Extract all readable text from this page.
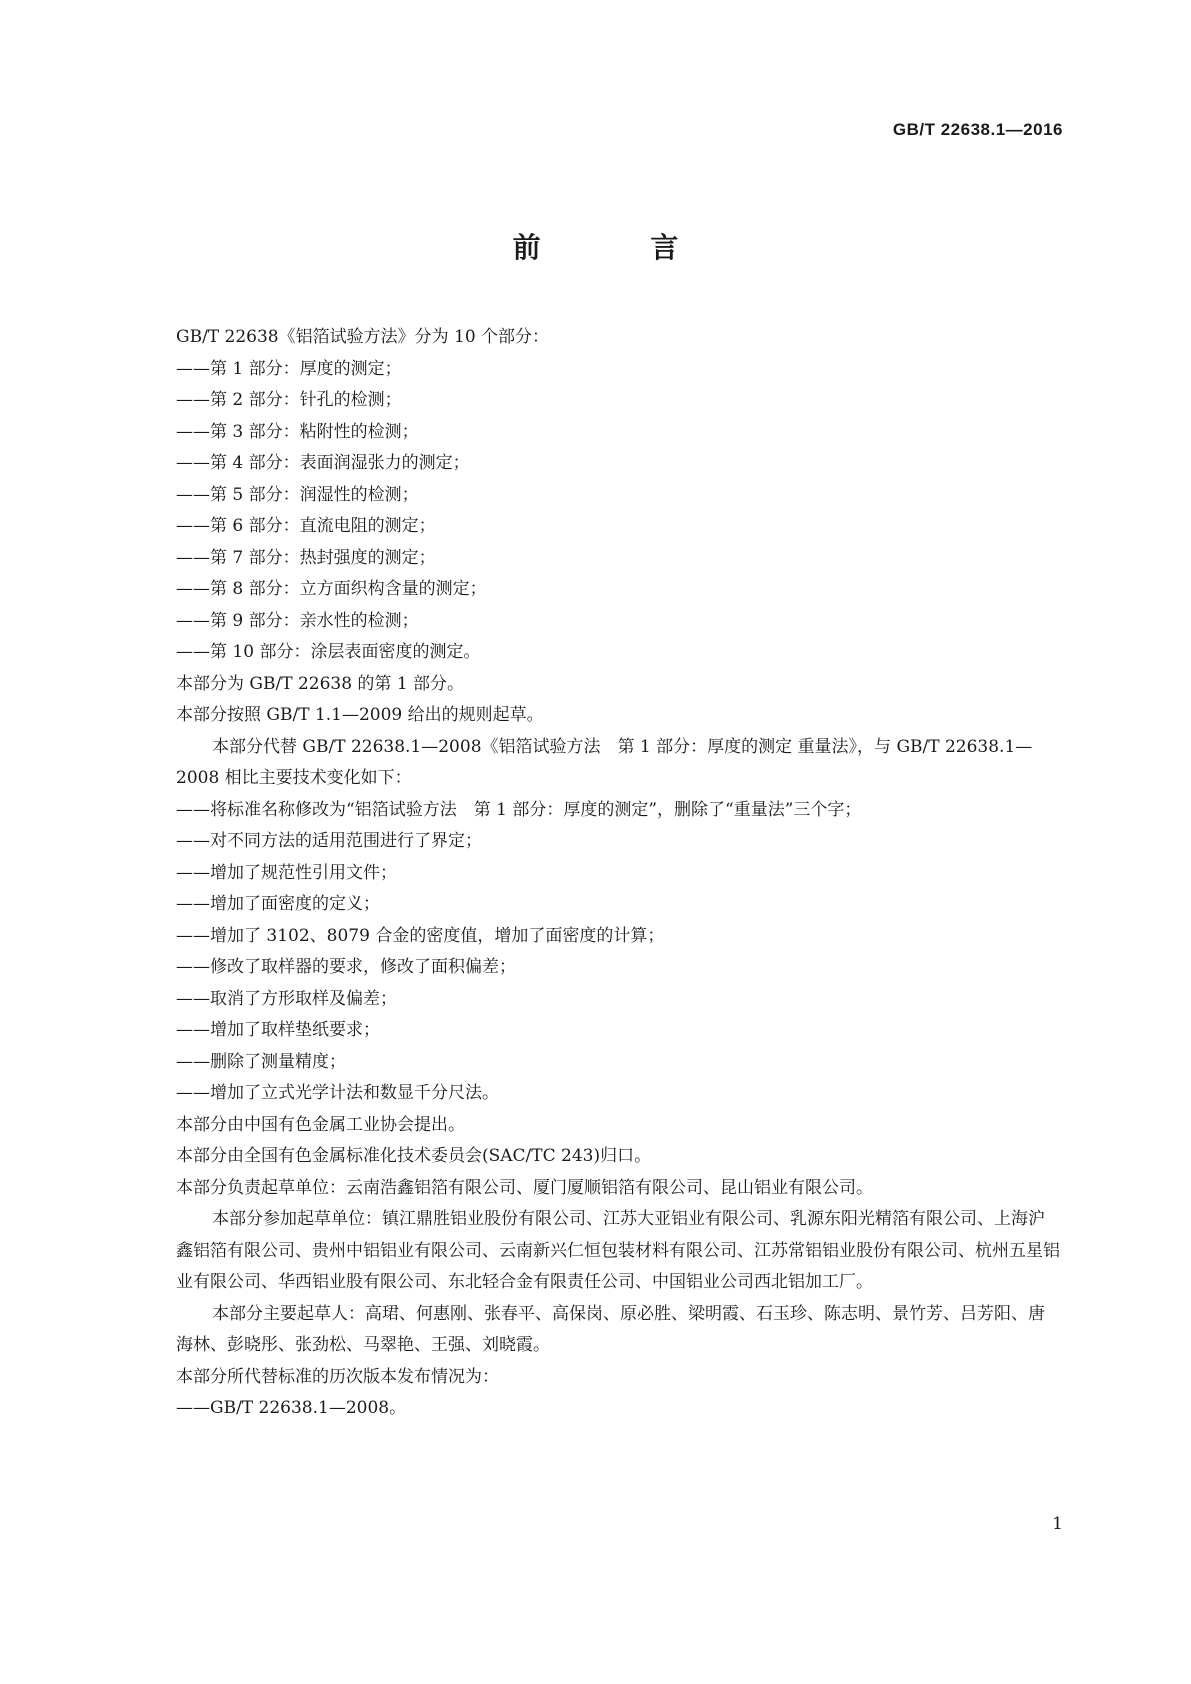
GB/T 22638.1—2016
前 言

GB/T 22638《铝箔试验方法》分为 10 个部分：

——第 1 部分：厚度的测定；

——第 2 部分：针孔的检测；

——第 3 部分：粘附性的检测；

——第 4 部分：表面润湿张力的测定；

——第 5 部分：润湿性的检测；

——第 6 部分：直流电阻的测定；

——第 7 部分：热封强度的测定；

——第 8 部分：立方面织构含量的测定；

——第 9 部分：亲水性的检测；

——第 10 部分：涂层表面密度的测定。

本部分为 GB/T 22638 的第 1 部分。

本部分按照 GB/T 1.1—2009 给出的规则起草。

本部分代替 GB/T 22638.1—2008《铝箔试验方法　第 1 部分：厚度的测定 重量法》，与 GB/T 22638.1—2008 相比主要技术变化如下：

——将标准名称修改为“铝箔试验方法　第 1 部分：厚度的测定”，删除了“重量法”三个字；

——对不同方法的适用范围进行了界定；

——增加了规范性引用文件；

——增加了面密度的定义；

——增加了 3102、8079 合金的密度值，增加了面密度的计算；

——修改了取样器的要求，修改了面积偏差；

——取消了方形取样及偏差；

——增加了取样垫纸要求；

——删除了测量精度；

——增加了立式光学计法和数显千分尺法。

本部分由中国有色金属工业协会提出。

本部分由全国有色金属标准化技术委员会(SAC/TC 243)归口。

本部分负责起草单位：云南浩鑫铝箔有限公司、厦门厦顺铝箔有限公司、昆山铝业有限公司。

本部分参加起草单位：镇江鼎胜铝业股份有限公司、江苏大亚铝业有限公司、乳源东阳光精箔有限公司、上海沪鑫铝箔有限公司、贵州中铝铝业有限公司、云南新兴仁恒包装材料有限公司、江苏常铝铝业股份有限公司、杭州五星铝业有限公司、华西铝业股有限公司、东北轻合金有限责任公司、中国铝业公司西北铝加工厂。

本部分主要起草人：高珺、何惠刚、张春平、高保岗、原必胜、梁明霞、石玉珍、陈志明、景竹芳、吕芳阳、唐海林、彭晓彤、张劲松、马翠艳、王强、刘晓霞。

本部分所代替标准的历次版本发布情况为：

——GB/T 22638.1—2008。

1
